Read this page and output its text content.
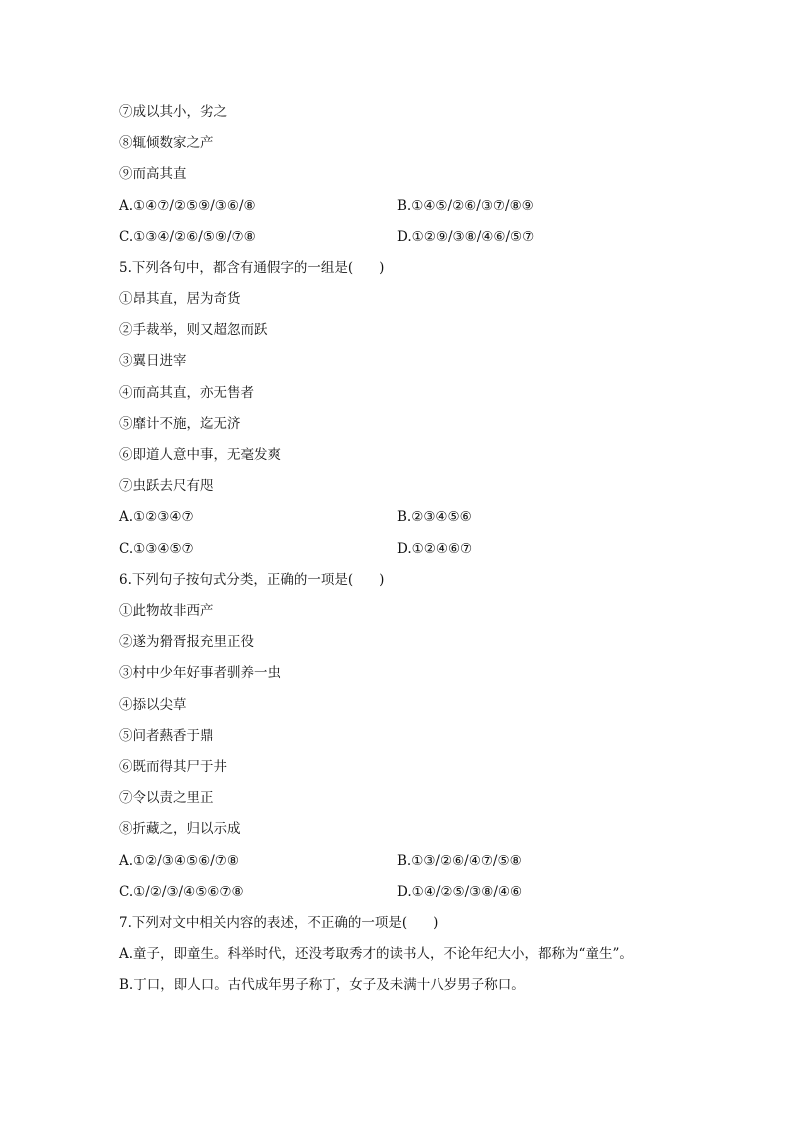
⑦成以其小，劣之
⑧辄倾数家之产
⑨而高其直
A.①④⑦/②⑤⑨/③⑥/⑧	B.①④⑤/②⑥/③⑦/⑧⑨
C.①③④/②⑥/⑤⑨/⑦⑧	D.①②⑨/③⑧/④⑥/⑤⑦
5.下列各句中，都含有通假字的一组是( )
①昂其直，居为奇货
②手裁举，则又超忽而跃
③翼日进宰
④而高其直，亦无售者
⑤靡计不施，迄无济
⑥即道人意中事，无毫发爽
⑦虫跃去尺有咫
A.①②③④⑦	B.②③④⑤⑥
C.①③④⑤⑦	D.①②④⑥⑦
6.下列句子按句式分类，正确的一项是( )
①此物故非西产
②遂为猾胥报充里正役
③村中少年好事者驯养一虫
④掭以尖草
⑤问者爇香于鼎
⑥既而得其尸于井
⑦令以责之里正
⑧折藏之，归以示成
A.①②/③④⑤⑥/⑦⑧	B.①③/②⑥/④⑦/⑤⑧
C.①/②/③/④⑤⑥⑦⑧	D.①④/②⑤/③⑧/④⑥
7.下列对文中相关内容的表述，不正确的一项是( )
A.童子，即童生。科举时代，还没考取秀才的读书人，不论年纪大小，都称为“童生”。
B.丁口，即人口。古代成年男子称丁，女子及未满十八岁男子称口。
